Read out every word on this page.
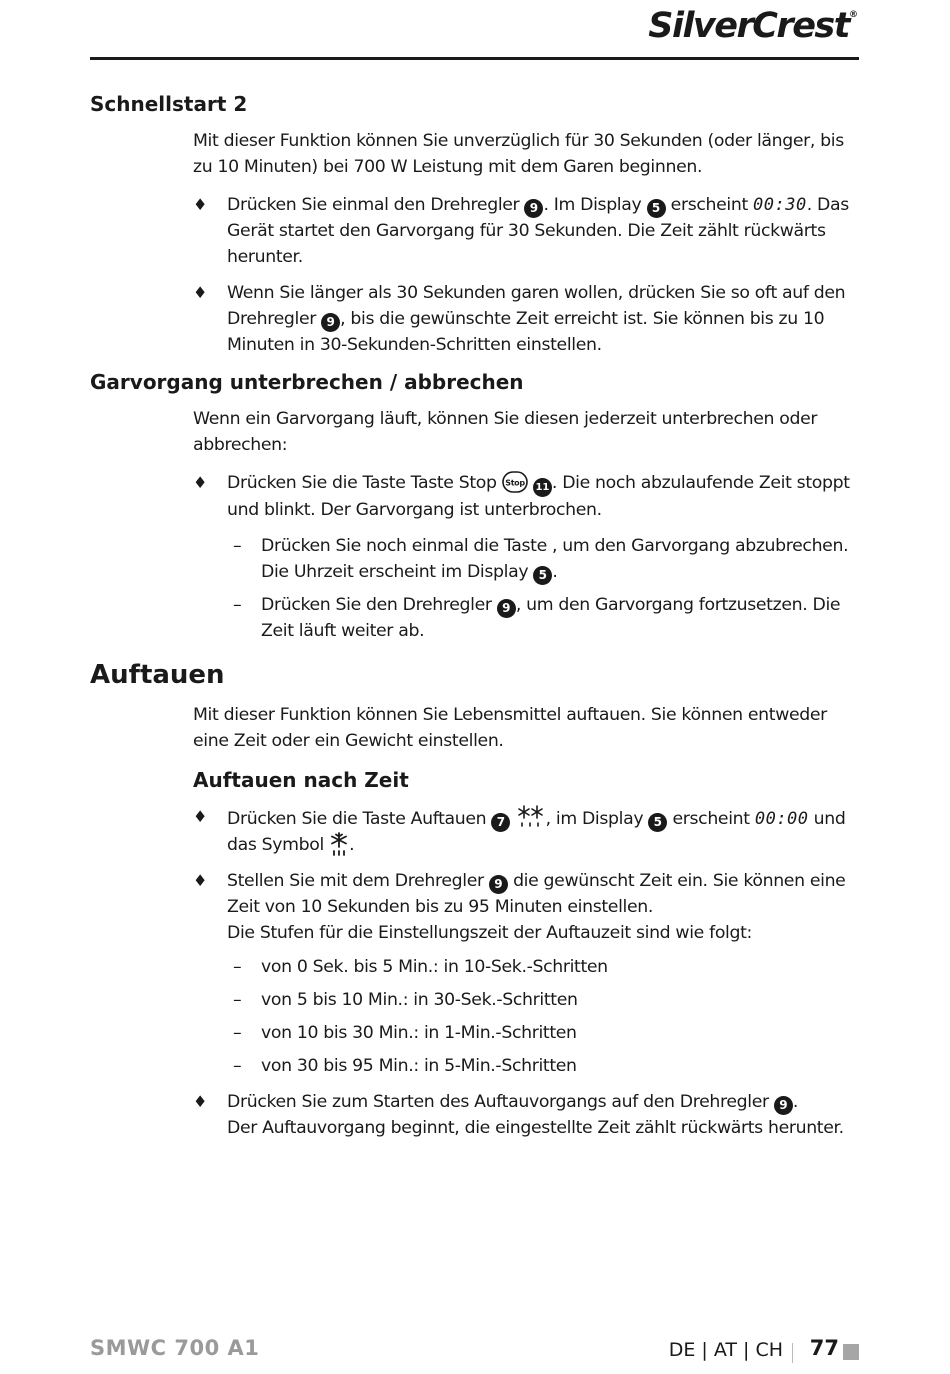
SilverCrest®
Schnellstart 2

Mit dieser Funktion können Sie unverzüglich für 30 Sekunden (oder länger, bis zu 10 Minuten) bei 700 W Leistung mit dem Garen beginnen.

♦ Drücken Sie einmal den Drehregler 9 . Im Display 5 erscheint 00:30. Das Gerät startet den Garvorgang für 30 Sekunden. Die Zeit zählt rückwärts herunter.
♦ Wenn Sie länger als 30 Sekunden garen wollen, drücken Sie so oft auf den Drehregler 9 , bis die gewünschte Zeit erreicht ist. Sie können bis zu 10 Minuten in 30-Sekunden-Schritten einstellen.
Garvorgang unterbrechen / abbrechen

Wenn ein Garvorgang läuft, können Sie diesen jederzeit unterbrechen oder abbrechen:

♦ Drücken Sie die Taste Taste Stop Stop 11 . Die noch abzulaufende Zeit stoppt und blinkt. Der Garvorgang ist unterbrochen.
– Drücken Sie noch einmal die Taste , um den Garvorgang abzubrechen. Die Uhrzeit erscheint im Display 5 .
– Drücken Sie den Drehregler 9 , um den Garvorgang fortzusetzen. Die Zeit läuft weiter ab.
Auftauen

Mit dieser Funktion können Sie Lebensmittel auftauen. Sie können entweder eine Zeit oder ein Gewicht einstellen.

Auftauen nach Zeit
♦ Drücken Sie die Taste Auftauen 7 , im Display 5 erscheint 00:00 und das Symbol .
♦ Stellen Sie mit dem Drehregler 9 die gewünscht Zeit ein. Sie können eine Zeit von 10 Sekunden bis zu 95 Minuten einstellen.
Die Stufen für die Einstellungszeit der Auftauzeit sind wie folgt:
– von 0 Sek. bis 5 Min.: in 10-Sek.-Schritten
– von 5 bis 10 Min.: in 30-Sek.-Schritten
– von 10 bis 30 Min.: in 1-Min.-Schritten
– von 30 bis 95 Min.: in 5-Min.-Schritten
♦ Drücken Sie zum Starten des Auftauvorgangs auf den Drehregler 9 .
Der Auftauvorgang beginnt, die eingestellte Zeit zählt rückwärts herunter.
SMWC 700 A1	DE | AT | CH 77
